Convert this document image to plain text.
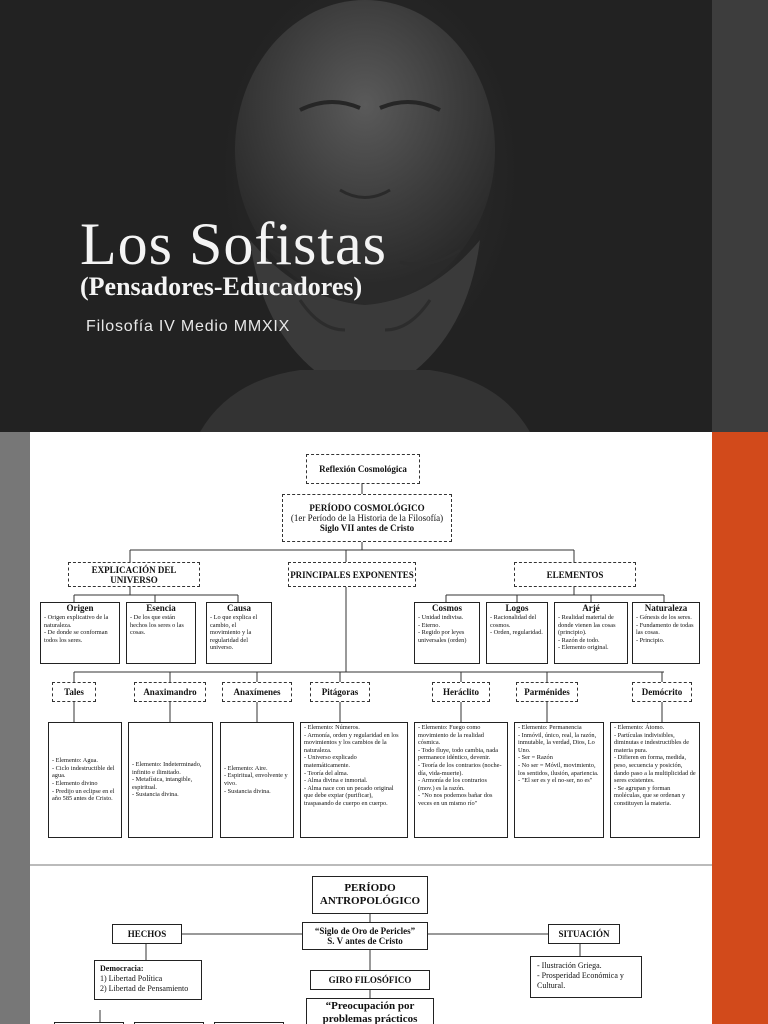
Los Sofistas
(Pensadores-Educadores)
Filosofía IV Medio MMXIX
Reflexión Cosmológica
PERÍODO COSMOLÓGICO
(1er Período de la Historia de la Filosofía)
Siglo VII antes de Cristo
EXPLICACIÓN DEL
UNIVERSO	PRINCIPALES EXPONENTES	ELEMENTOS
Origen
- Origen explicativo de la naturaleza.
- De donde se conforman todos los seres.
Esencia
- De los que están hechos los seres o las cosas.
Causa
- Lo que explica el cambio, el movimiento y la regularidad del universo.
Cosmos
- Unidad indivisa.
- Eterno.
- Regido por leyes universales (orden)
Logos
- Racionalidad del cosmos.
- Orden, regularidad.
Arjé
- Realidad material de donde vienen las cosas (principio).
- Razón de todo.
- Elemento original.
Naturaleza
- Génesis de los seres.
- Fundamento de todas las cosas.
- Principio.
Tales	Anaximandro	Anaxímenes	Pitágoras	Heráclito	Parménides	Demócrito
- Elemento: Agua.
- Ciclo indestructible del agua.
- Elemento divino
- Predijo un eclipse en el año 585 antes de Cristo.
- Elemento: Indeterminado, infinito e ilimitado.
- Metafísica, intangible, espiritual.
- Sustancia divina.
- Elemento: Aire.
- Espiritual, envolvente y vivo.
- Sustancia divina.
- Elemento: Números.
- Armonía, orden y regularidad en los movimientos y los cambios de la naturaleza.
- Universo explicado matemáticamente.
- Teoría del alma.
- Alma divina e inmortal.
- Alma nace con un pecado original que debe expiar (purificar), traspasando de cuerpo en cuerpo.
- Elemento: Fuego como movimiento de la realidad cósmica.
- Todo fluye, todo cambia, nada permanece idéntico, devenir.
- Teoría de los contrarios (noche-día, vida-muerte).
- Armonía de los contrarios (mov.) es la razón.
- "No nos podemos bañar dos veces en un mismo río"
- Elemento: Permanencia
- Inmóvil, único, real, la razón, inmutable, la verdad, Dios, Lo Uno.
- Ser = Razón
- No ser = Móvil, movimiento, los sentidos, ilusión, apariencia.
- "El ser es y el no-ser, no es"
- Elemento: Átomo.
- Partículas indivisibles, diminutas e indestructibles de materia pura.
- Difieren en forma, medida, peso, secuencia y posición, dando paso a la multiplicidad de seres existentes.
- Se agrupan y forman moléculas, que se ordenan y constituyen la materia.
PERÍODO
ANTROPOLÓGICO
HECHOS	“Siglo de Oro de Pericles”
S. V antes de Cristo
SITUACIÓN
Democracia:
1) Libertad Política
2) Libertad de Pensamiento
GIRO FILOSÓFICO
- Ilustración Griega.
- Prosperidad Económica y Cultural.
“Preocupación por
problemas prácticos
